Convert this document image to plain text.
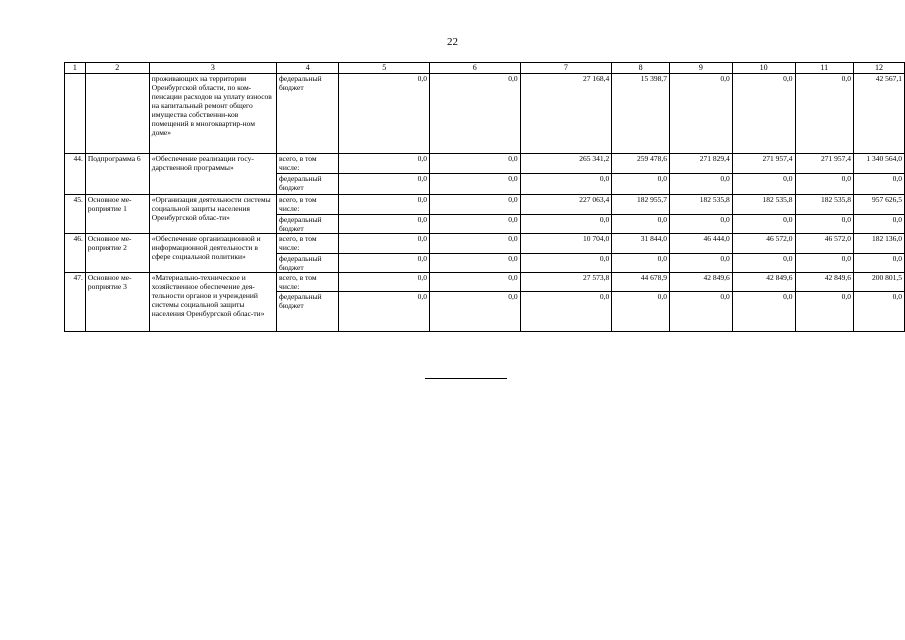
22
1	2	3	4	5	6	7	8	9	10	11	12
		проживающих на территории Оренбургской области, по ком-пенсации расходов на уплату взносов на капитальный ремонт общего имущества собственни-ков помещений в многоквартир-ном доме»	федеральный бюджет	0,0	0,0	27 168,4	15 398,7	0,0	0,0	0,0	42 567,1
44.	Подпрограмма 6	«Обеспечение реализации госу-дарственной программы»	всего, в том числе:	0,0	0,0	265 341,2	259 478,6	271 829,4	271 957,4	271 957,4	1 340 564,0
			федеральный бюджет	0,0	0,0	0,0	0,0	0,0	0,0	0,0	0,0
45.	Основное ме-роприятие 1	«Организация деятельности системы социальной защиты населения Оренбургской облас-ти»	всего, в том числе:	0,0	0,0	227 063,4	182 955,7	182 535,8	182 535,8	182 535,8	957 626,5
			федеральный бюджет	0,0	0,0	0,0	0,0	0,0	0,0	0,0	0,0
46.	Основное ме-роприятие 2	«Обеспечение организационной и информационной деятельности в сфере социальной политики»	всего, в том числе:	0,0	0,0	10 704,0	31 844,0	46 444,0	46 572,0	46 572,0	182 136,0
			федеральный бюджет	0,0	0,0	0,0	0,0	0,0	0,0	0,0	0,0
47.	Основное ме-роприятие 3	«Материально-техническое и хозяйственное обеспечение дея-тельности органов и учреждений системы социальной защиты населения Оренбургской облас-ти»	всего, в том числе:	0,0	0,0	27 573,8	44 678,9	42 849,6	42 849,6	42 849,6	200 801,5
			федеральный бюджет	0,0	0,0	0,0	0,0	0,0	0,0	0,0	0,0
